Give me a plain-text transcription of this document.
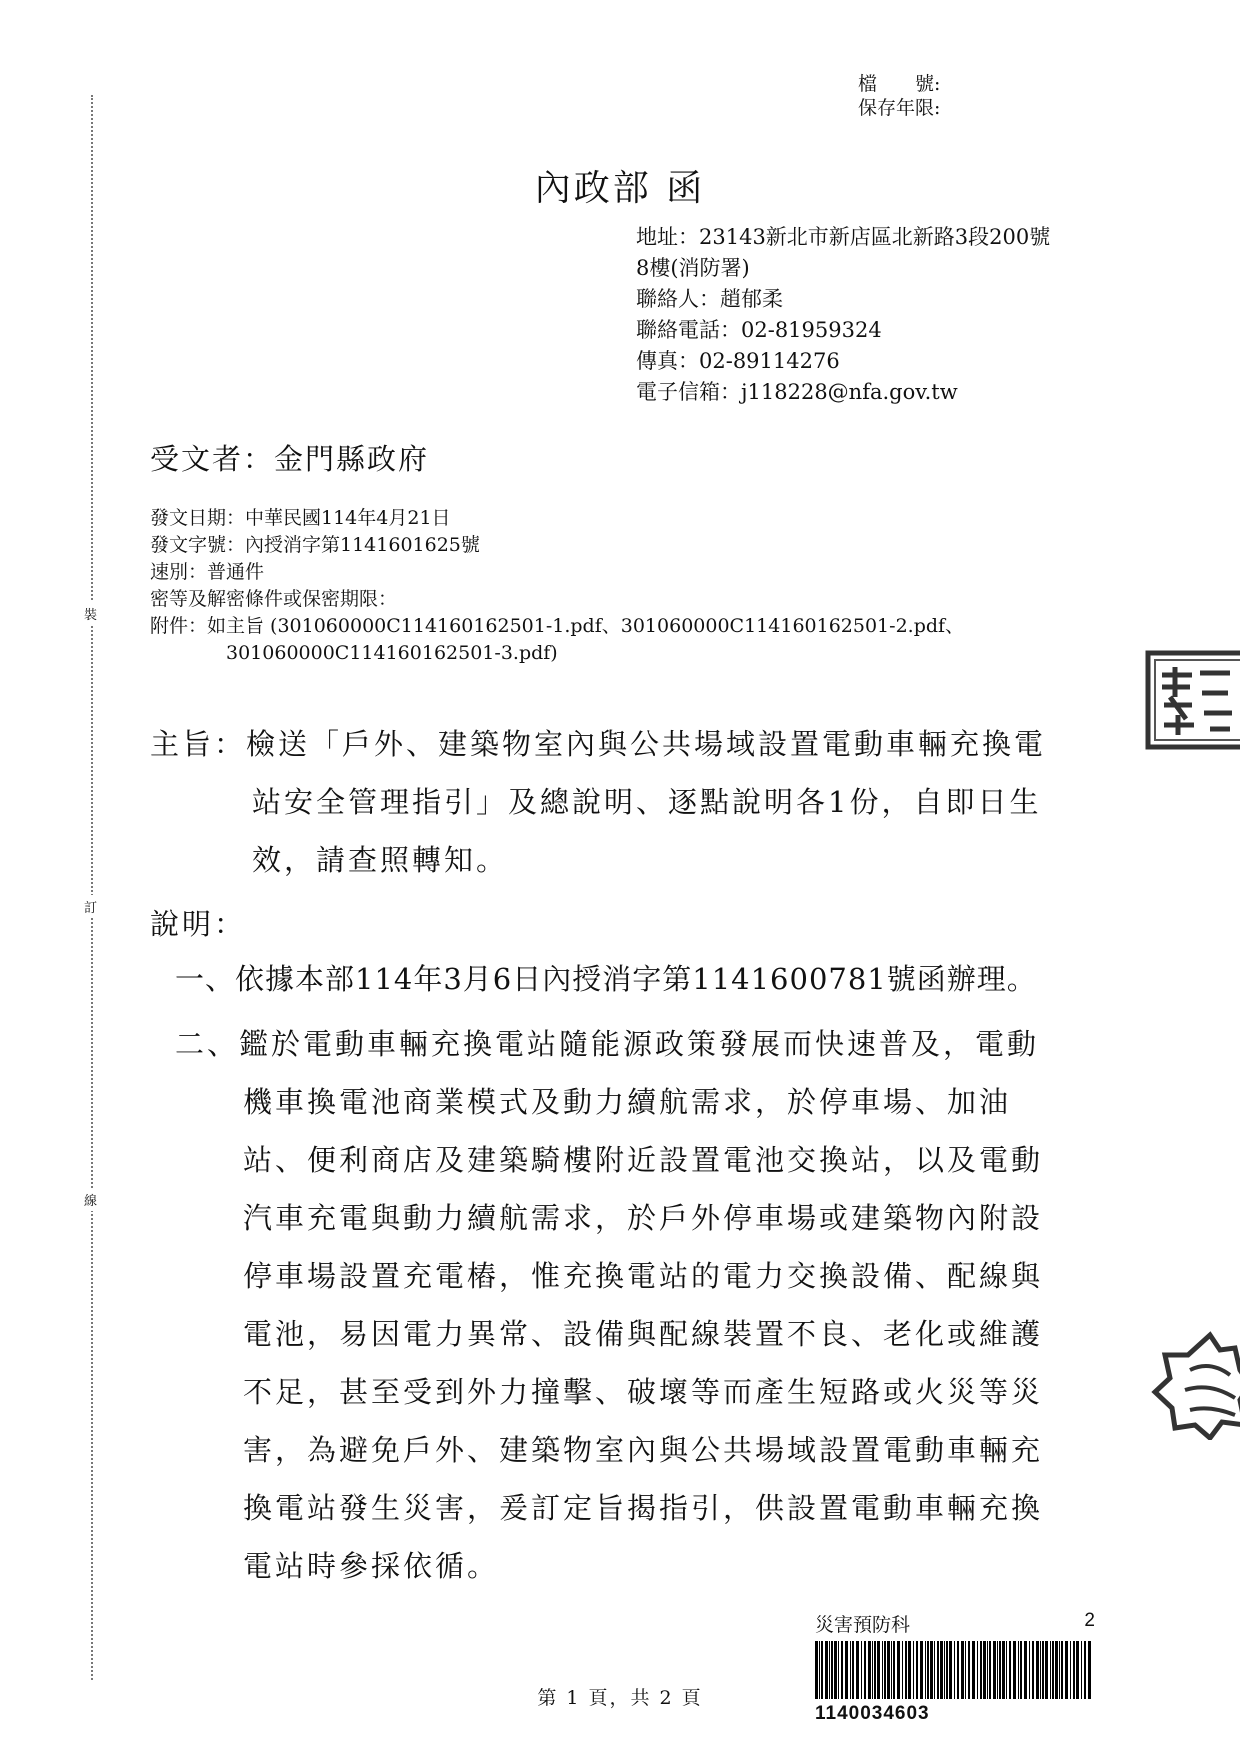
檔　　號:
保存年限:
內政部 函
地址：23143新北市新店區北新路3段200號
8樓(消防署)
聯絡人：趙郁柔
聯絡電話：02-81959324
傳真：02-89114276
電子信箱：j118228@nfa.gov.tw
受文者：金門縣政府
發文日期：中華民國114年4月21日
發文字號：內授消字第1141601625號
速別：普通件
密等及解密條件或保密期限：
附件：如主旨 (301060000C114160162501-1.pdf、301060000C114160162501-2.pdf、
301060000C114160162501-3.pdf)
主旨：檢送「戶外、建築物室內與公共場域設置電動車輛充換電
站安全管理指引」及總說明、逐點說明各1份，自即日生
效，請查照轉知。
說明：
一、依據本部114年3月6日內授消字第1141600781號函辦理。
二、鑑於電動車輛充換電站隨能源政策發展而快速普及，電動
機車換電池商業模式及動力續航需求，於停車場、加油
站、便利商店及建築騎樓附近設置電池交換站，以及電動
汽車充電與動力續航需求，於戶外停車場或建築物內附設
停車場設置充電樁，惟充換電站的電力交換設備、配線與
電池，易因電力異常、設備與配線裝置不良、老化或維護
不足，甚至受到外力撞擊、破壞等而產生短路或火災等災
害，為避免戶外、建築物室內與公共場域設置電動車輛充
換電站發生災害，爰訂定旨揭指引，供設置電動車輛充換
電站時參採依循。
裝
訂
線
第 1 頁，共 2 頁
災害預防科	2
1140034603
